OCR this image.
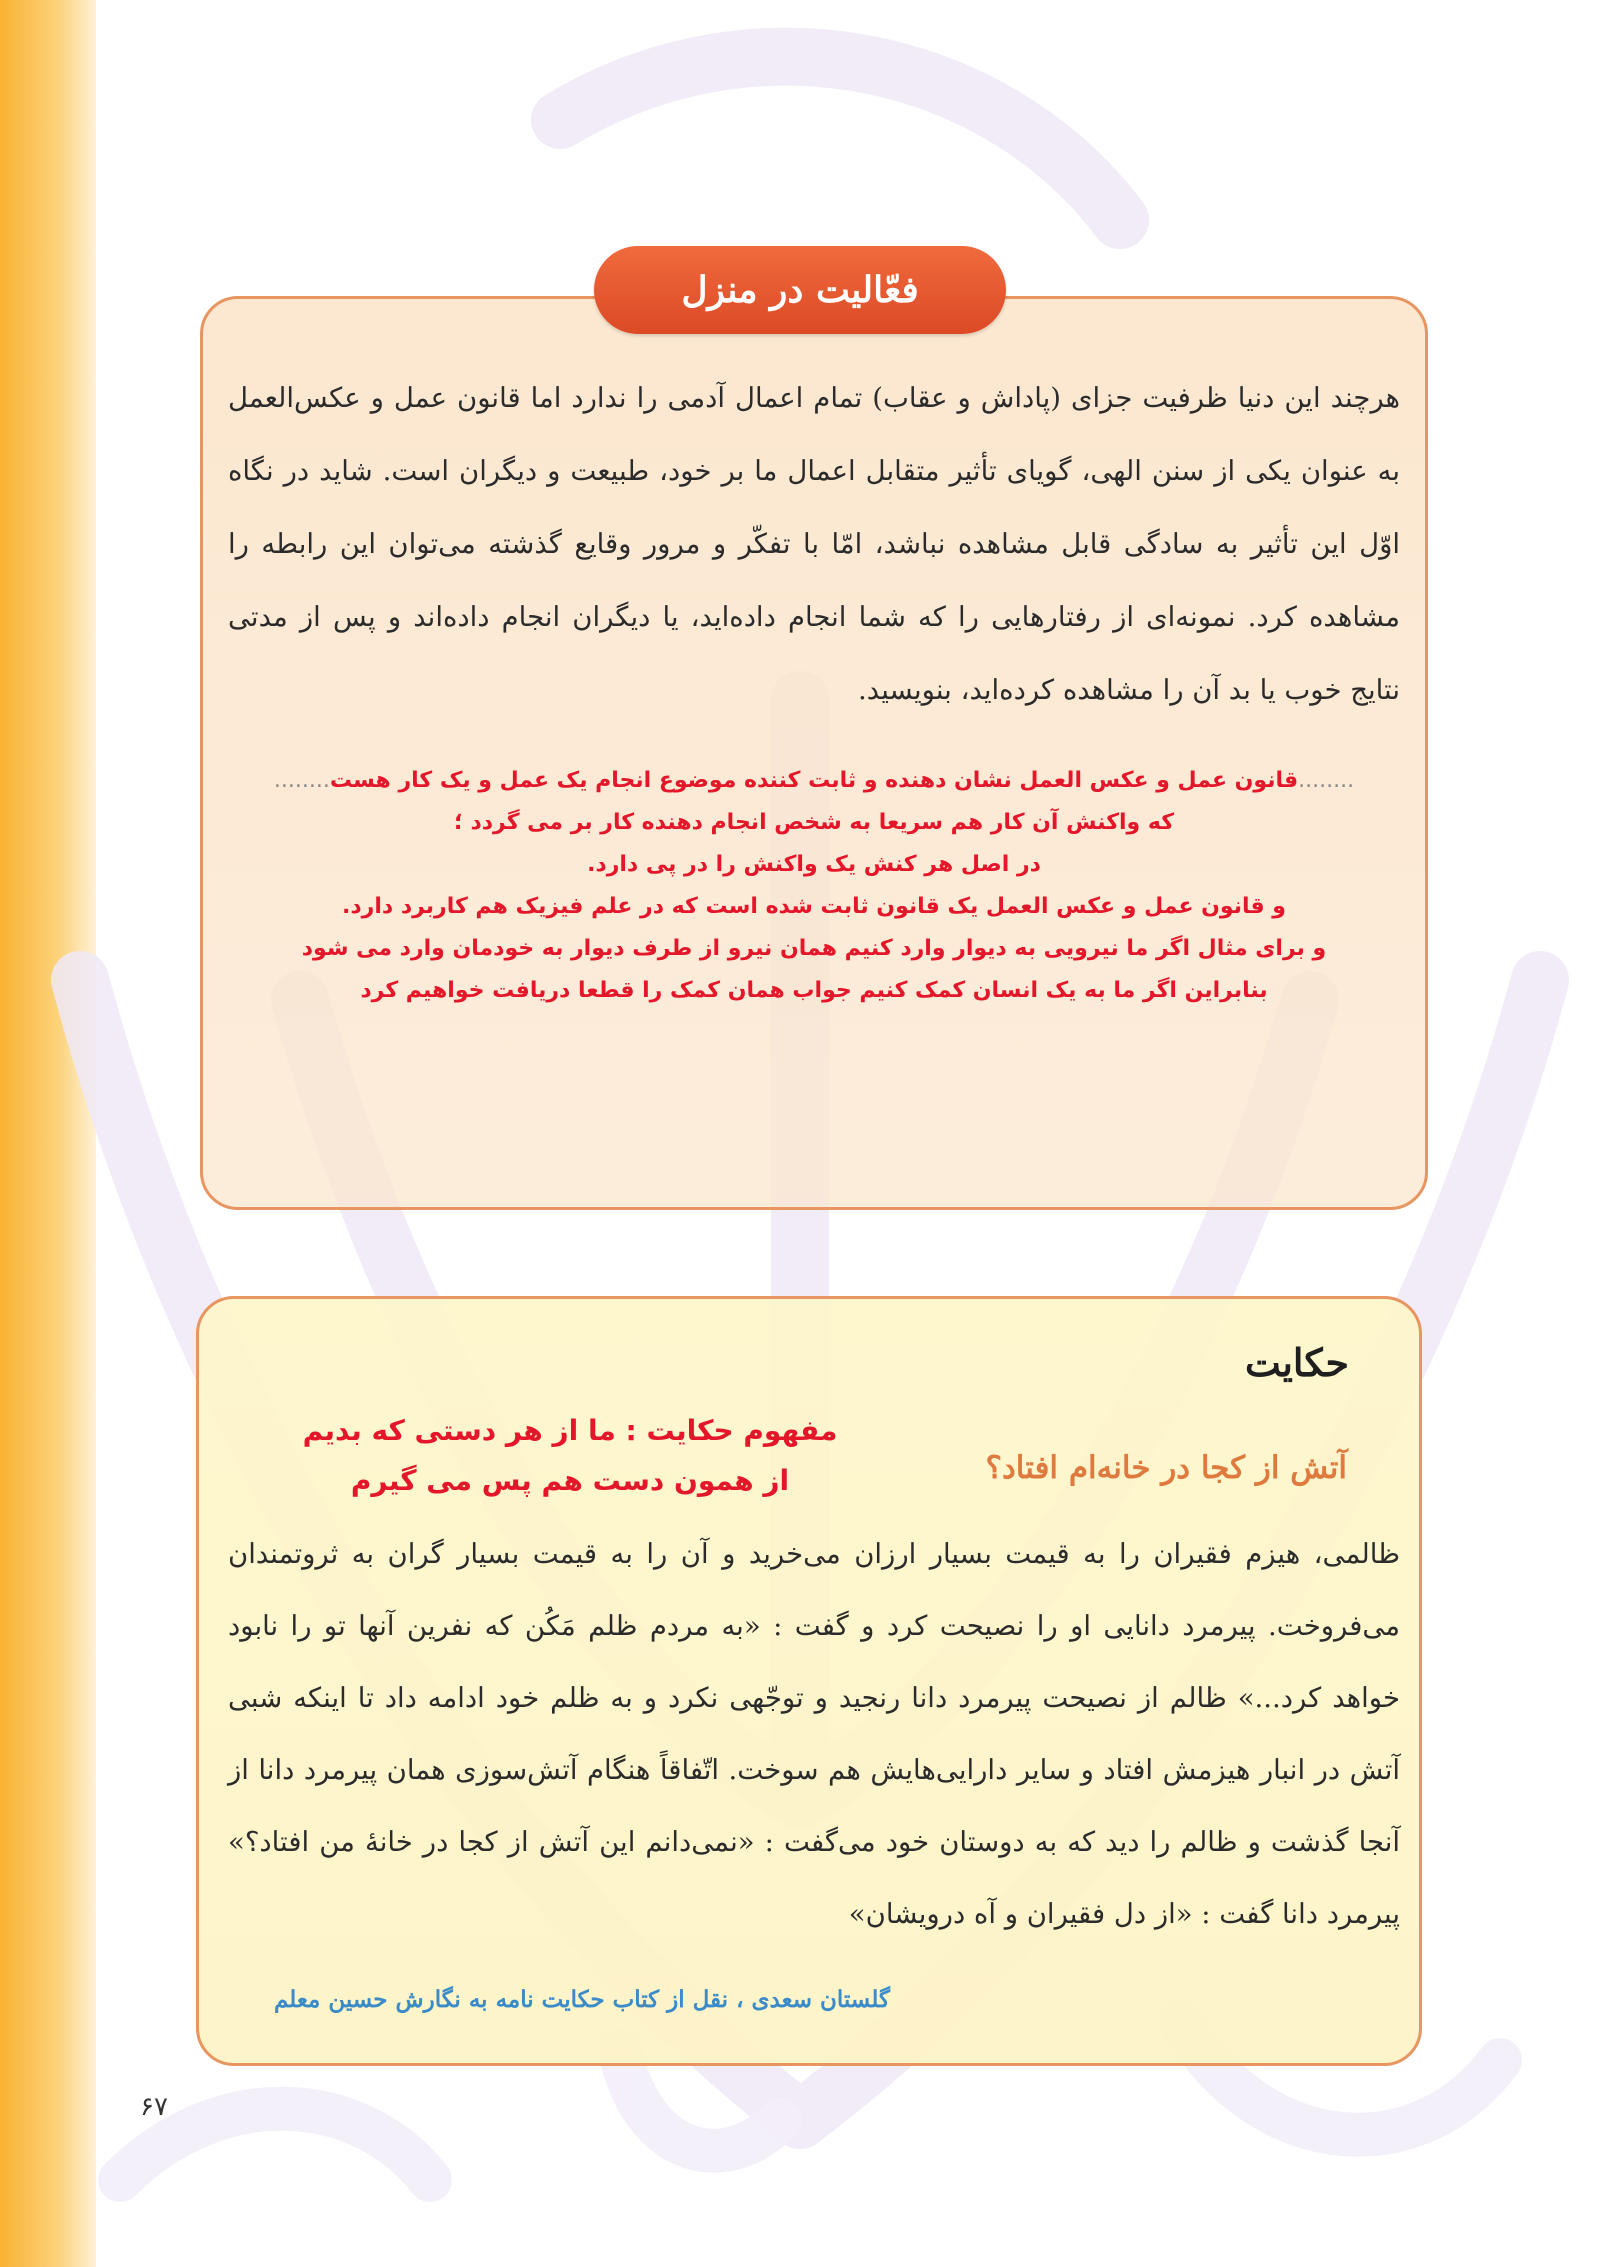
فعّالیت در منزل

هرچند این دنیا ظرفیت جزای (پاداش و عقاب) تمام اعمال آدمی را ندارد اما قانون عمل و عکس‌العمل به عنوان یکی از سنن الهی، گویای تأثیر متقابل اعمال ما بر خود، طبیعت و دیگران است. شاید در نگاه اوّل این تأثیر به سادگی قابل مشاهده نباشد، امّا با تفکّر و مرور وقایع گذشته می‌توان این رابطه را مشاهده کرد. نمونه‌ای از رفتارهایی را که شما انجام داده‌اید، یا دیگران انجام داده‌اند و پس از مدتی نتایج خوب یا بد آن را مشاهده کرده‌اید، بنویسید.

........قانون عمل و عکس العمل نشان دهنده و ثابت کننده موضوع انجام یک عمل و یک کار هست........
که واکنش آن کار هم سریعا به شخص انجام دهنده کار بر می گردد ؛
در اصل هر کنش یک واکنش را در پی دارد.
و قانون عمل و عکس العمل یک قانون ثابت شده است که در علم فیزیک هم کاربرد دارد.
و برای مثال اگر ما نیرویی به دیوار وارد کنیم همان نیرو از طرف دیوار به خودمان وارد می شود
بنابراین اگر ما به یک انسان کمک کنیم جواب همان کمک را قطعا دریافت خواهیم کرد
حکایت
مفهوم حکایت : ما از هر دستی که بدیم
از همون دست هم پس می گیرم	آتش از کجا در خانه‌ام افتاد؟

ظالمی، هیزم فقیران را به قیمت بسیار ارزان می‌خرید و آن را به قیمت بسیار گران به ثروتمندان می‌فروخت. پیرمرد دانایی او را نصیحت کرد و گفت : «به مردم ظلم مَکُن که نفرین آنها تو را نابود خواهد کرد...» ظالم از نصیحت پیرمرد دانا رنجید و توجّهی نکرد و به ظلم خود ادامه داد تا اینکه شبی آتش در انبار هیزمش افتاد و سایر دارایی‌هایش هم سوخت. اتّفاقاً هنگام آتش‌سوزی همان پیرمرد دانا از آنجا گذشت و ظالم را دید که به دوستان خود می‌گفت : «نمی‌دانم این آتش از کجا در خانهٔ من افتاد؟» پیرمرد دانا گفت : «از دل فقیران و آه درویشان»

گلستان سعدی ، نقل از کتاب حکایت نامه به نگارش حسین معلم

۶۷
